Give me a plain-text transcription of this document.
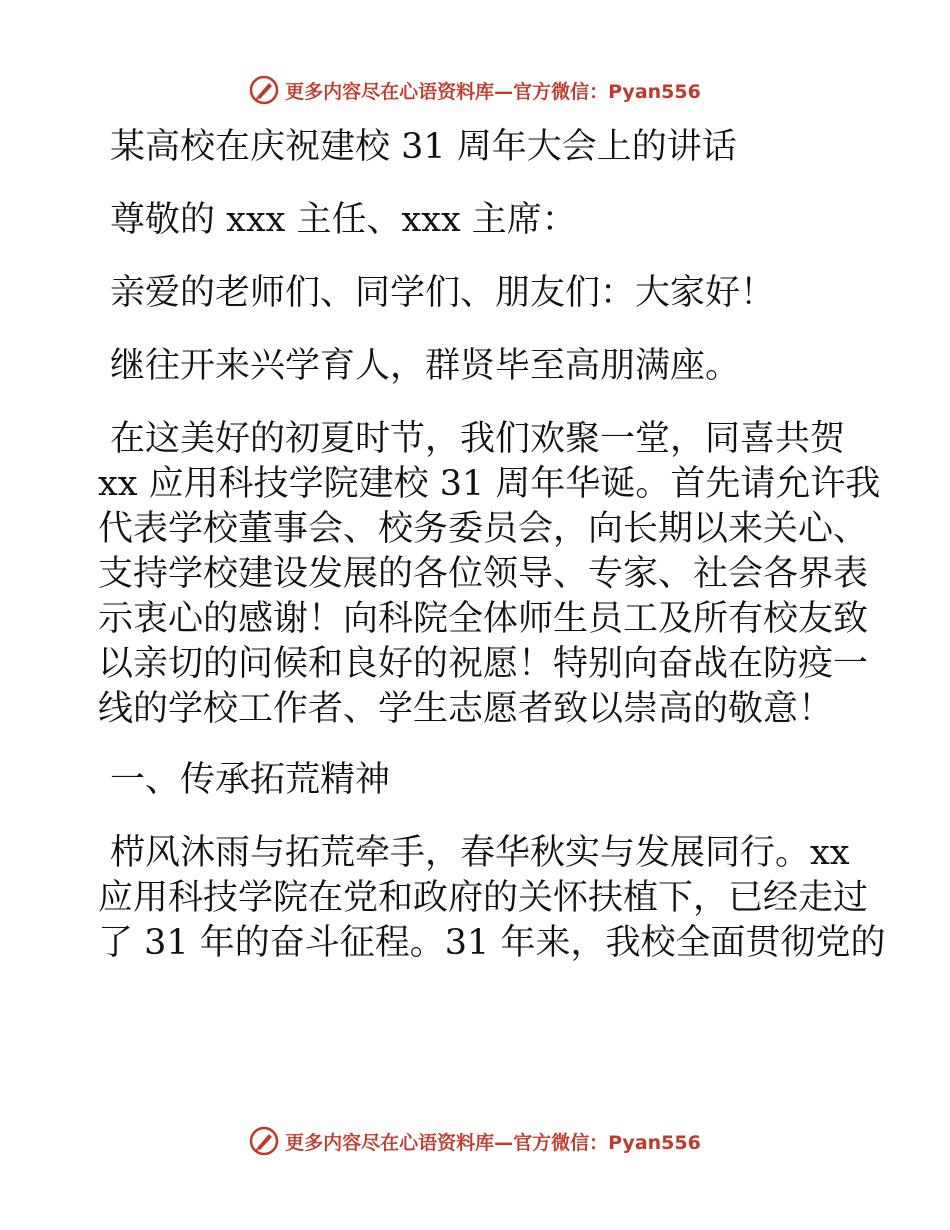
更多内容尽在心语资料库—官方微信：Pyan556
某高校在庆祝建校 31 周年大会上的讲话
尊敬的 xxx 主任、xxx 主席：
亲爱的老师们、同学们、朋友们：大家好！
继往开来兴学育人，群贤毕至高朋满座。
在这美好的初夏时节，我们欢聚一堂，同喜共贺
xx 应用科技学院建校 31 周年华诞。首先请允许我
代表学校董事会、校务委员会，向长期以来关心、
支持学校建设发展的各位领导、专家、社会各界表
示衷心的感谢！向科院全体师生员工及所有校友致
以亲切的问候和良好的祝愿！特别向奋战在防疫一
线的学校工作者、学生志愿者致以崇高的敬意！
一、传承拓荒精神
栉风沐雨与拓荒牵手，春华秋实与发展同行。xx
应用科技学院在党和政府的关怀扶植下，已经走过
了 31 年的奋斗征程。31 年来，我校全面贯彻党的
更多内容尽在心语资料库—官方微信：Pyan556
